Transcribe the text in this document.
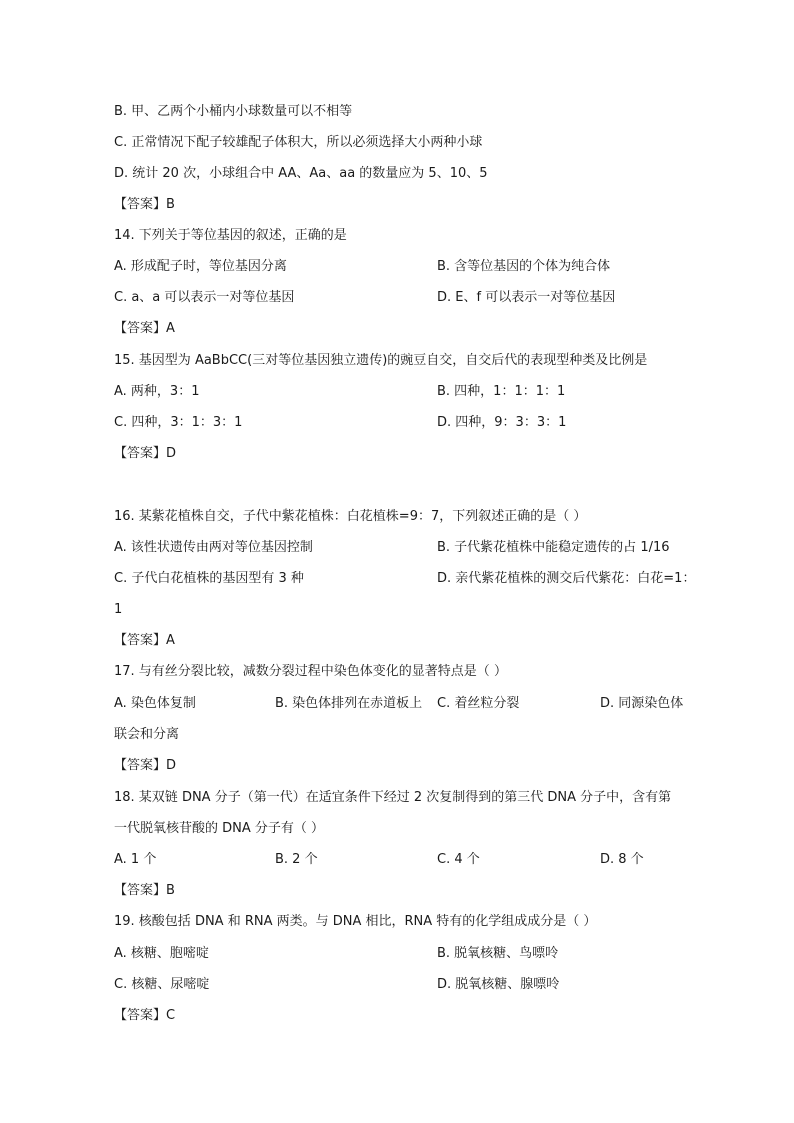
B. 甲、乙两个小桶内小球数量可以不相等
C. 正常情况下配子较雄配子体积大，所以必须选择大小两种小球
D. 统计 20 次，小球组合中 AA、Aa、aa 的数量应为 5、10、5
【答案】B
14. 下列关于等位基因的叙述，正确的是
A. 形成配子时，等位基因分离	B. 含等位基因的个体为纯合体
C. a、a 可以表示一对等位基因	D. E、f 可以表示一对等位基因
【答案】A
15. 基因型为 AaBbCC(三对等位基因独立遗传)的豌豆自交，自交后代的表现型种类及比例是
A. 两种，3：1	B. 四种，1：1：1：1
C. 四种，3：1：3：1	D. 四种，9：3：3：1
【答案】D
16. 某紫花植株自交，子代中紫花植株：白花植株=9：7，下列叙述正确的是（ ）
A. 该性状遗传由两对等位基因控制	B. 子代紫花植株中能稳定遗传的占 1/16
C. 子代白花植株的基因型有 3 种	D. 亲代紫花植株的测交后代紫花：白花=1：
1
【答案】A
17. 与有丝分裂比较，减数分裂过程中染色体变化的显著特点是（ ）
A. 染色体复制	B. 染色体排列在赤道板上 C. 着丝粒分裂	D. 同源染色体
联会和分离
【答案】D
18. 某双链 DNA 分子（第一代）在适宜条件下经过 2 次复制得到的第三代 DNA 分子中，含有第
一代脱氧核苷酸的 DNA 分子有（ ）
A. 1 个	B. 2 个	C. 4 个	D. 8 个
【答案】B
19. 核酸包括 DNA 和 RNA 两类。与 DNA 相比，RNA 特有的化学组成成分是（ ）
A. 核糖、胞嘧啶	B. 脱氧核糖、鸟嘌呤
C. 核糖、尿嘧啶	D. 脱氧核糖、腺嘌呤
【答案】C
